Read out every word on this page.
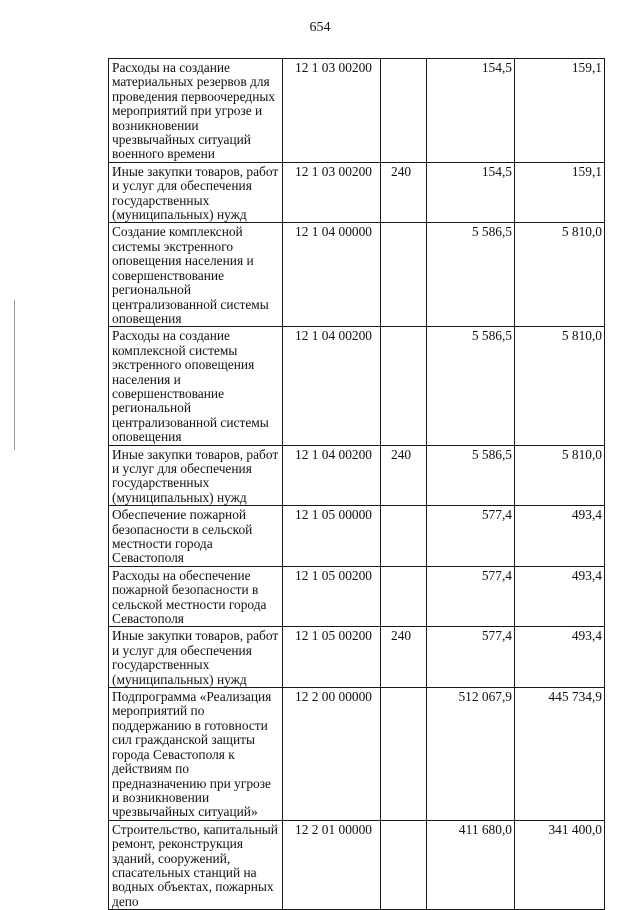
654
Расходы на создание материальных резервов для проведения первоочередных мероприятий при угрозе и возникновении чрезвычайных ситуаций военного времени	12 1 03 00200		154,5	159,1
Иные закупки товаров, работ и услуг для обеспечения государственных (муниципальных) нужд	12 1 03 00200	240	154,5	159,1
Создание комплексной системы экстренного оповещения населения и совершенствование региональной централизованной системы оповещения	12 1 04 00000		5 586,5	5 810,0
Расходы на создание комплексной системы экстренного оповещения населения и совершенствование региональной централизованной системы оповещения	12 1 04 00200		5 586,5	5 810,0
Иные закупки товаров, работ и услуг для обеспечения государственных (муниципальных) нужд	12 1 04 00200	240	5 586,5	5 810,0
Обеспечение пожарной безопасности в сельской местности города Севастополя	12 1 05 00000		577,4	493,4
Расходы на обеспечение пожарной безопасности в сельской местности города Севастополя	12 1 05 00200		577,4	493,4
Иные закупки товаров, работ и услуг для обеспечения государственных (муниципальных) нужд	12 1 05 00200	240	577,4	493,4
Подпрограмма «Реализация мероприятий по поддержанию в готовности сил гражданской защиты города Севастополя к действиям по предназначению при угрозе и возникновении чрезвычайных ситуаций»	12 2 00 00000		512 067,9	445 734,9
Строительство, капитальный ремонт, реконструкция зданий, сооружений, спасательных станций на водных объектах, пожарных депо	12 2 01 00000		411 680,0	341 400,0
